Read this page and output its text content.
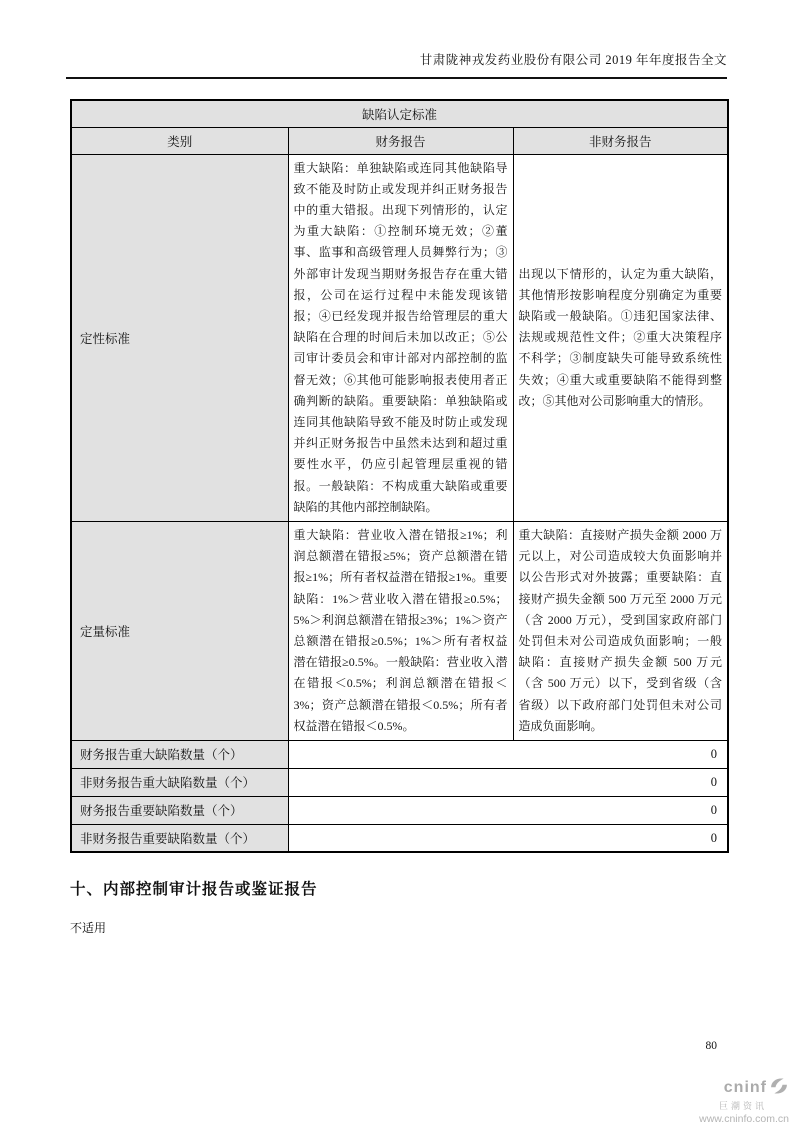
甘肃陇神戎发药业股份有限公司 2019 年年度报告全文
缺陷认定标准		
类别	财务报告	非财务报告
定性标准	重大缺陷：单独缺陷或连同其他缺陷导致不能及时防止或发现并纠正财务报告中的重大错报。出现下列情形的，认定为重大缺陷：①控制环境无效；②董事、监事和高级管理人员舞弊行为；③外部审计发现当期财务报告存在重大错报，公司在运行过程中未能发现该错报；④已经发现并报告给管理层的重大缺陷在合理的时间后未加以改正；⑤公司审计委员会和审计部对内部控制的监督无效；⑥其他可能影响报表使用者正确判断的缺陷。重要缺陷：单独缺陷或连同其他缺陷导致不能及时防止或发现并纠正财务报告中虽然未达到和超过重要性水平，仍应引起管理层重视的错报。一般缺陷：不构成重大缺陷或重要缺陷的其他内部控制缺陷。	出现以下情形的，认定为重大缺陷，其他情形按影响程度分别确定为重要缺陷或一般缺陷。①违犯国家法律、法规或规范性文件；②重大决策程序不科学；③制度缺失可能导致系统性失效；④重大或重要缺陷不能得到整改；⑤其他对公司影响重大的情形。
定量标准	重大缺陷：营业收入潜在错报≥1%；利润总额潜在错报≥5%；资产总额潜在错报≥1%；所有者权益潜在错报≥1%。重要缺陷：1%＞营业收入潜在错报≥0.5%；5%＞利润总额潜在错报≥3%；1%＞资产总额潜在错报≥0.5%；1%＞所有者权益潜在错报≥0.5%。一般缺陷：营业收入潜在错报＜0.5%；利润总额潜在错报＜3%；资产总额潜在错报＜0.5%；所有者权益潜在错报＜0.5%。	重大缺陷：直接财产损失金额 2000 万元以上，对公司造成较大负面影响并以公告形式对外披露；重要缺陷：直接财产损失金额 500 万元至 2000 万元（含 2000 万元），受到国家政府部门处罚但未对公司造成负面影响；一般缺陷：直接财产损失金额 500 万元（含 500 万元）以下，受到省级（含省级）以下政府部门处罚但未对公司造成负面影响。
财务报告重大缺陷数量（个）	0	
非财务报告重大缺陷数量（个）	0	
财务报告重要缺陷数量（个）	0	
非财务报告重要缺陷数量（个）	0	
十、内部控制审计报告或鉴证报告
不适用
80
cninf
巨潮资讯
www.cninfo.com.cn
